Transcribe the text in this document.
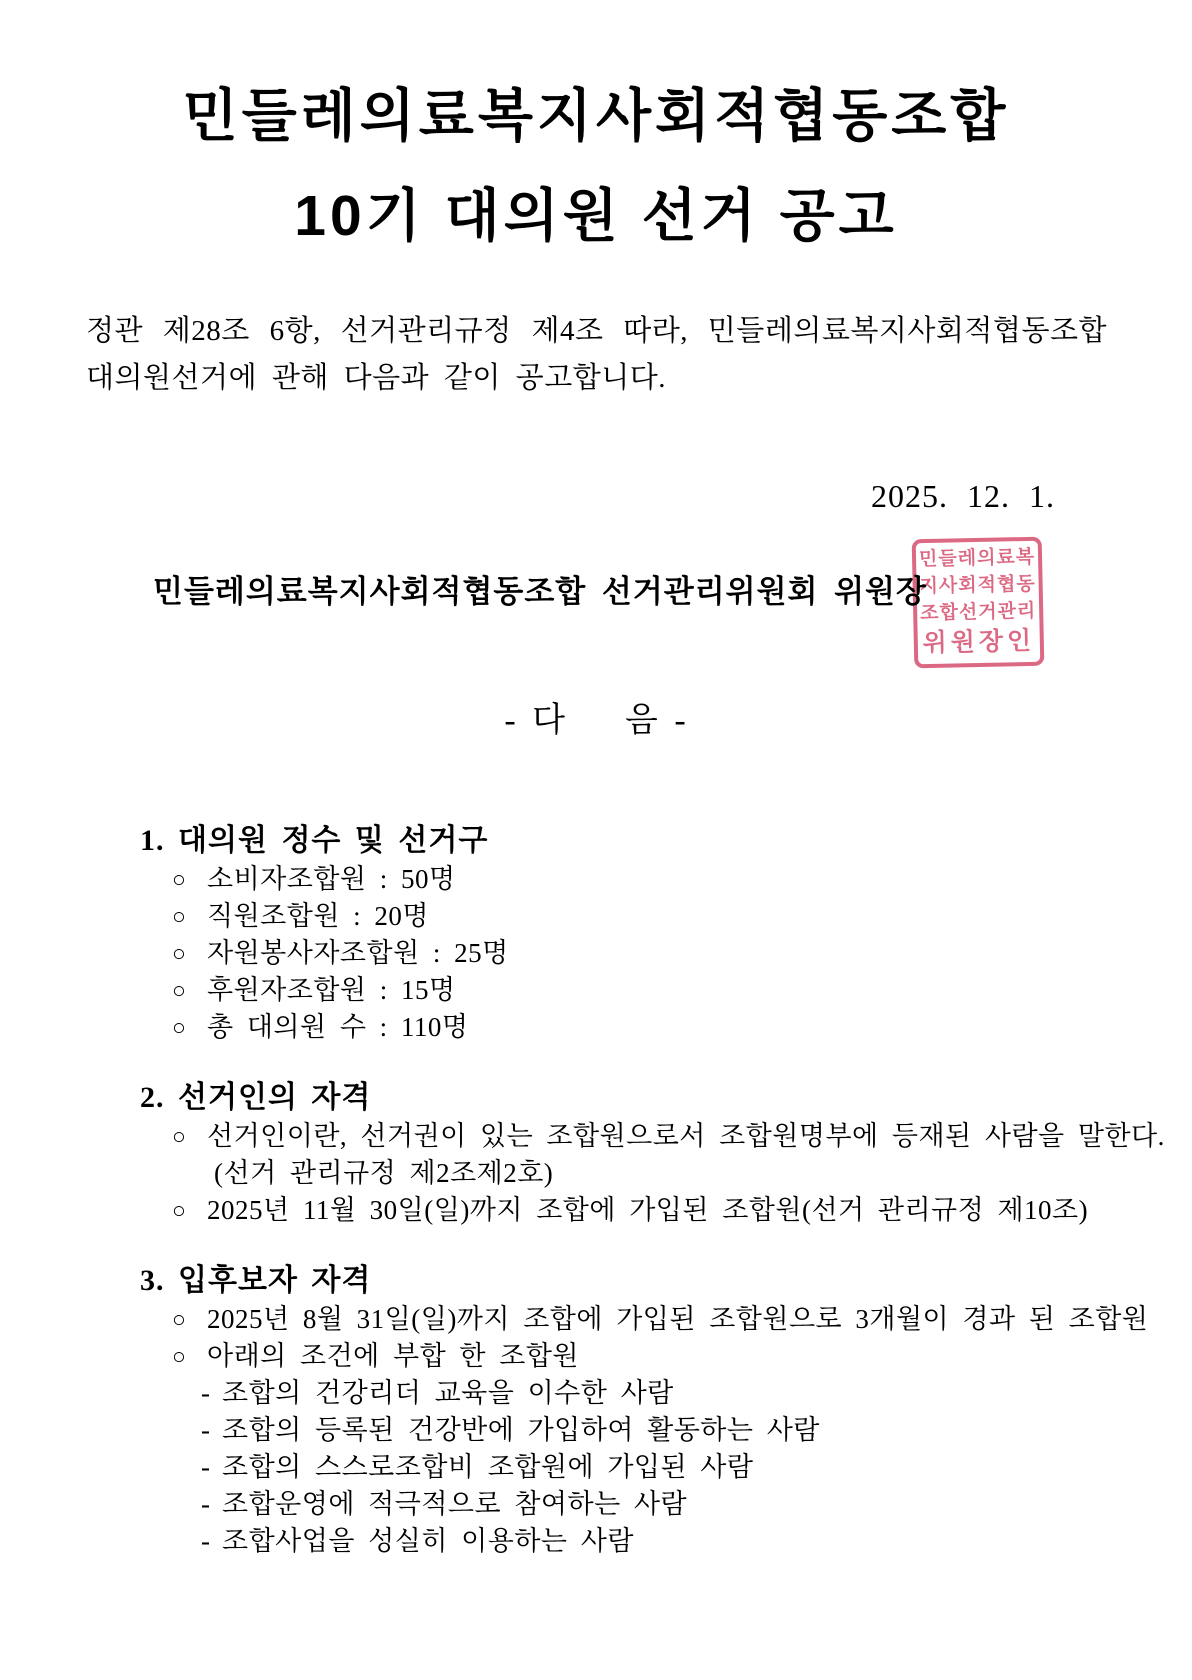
민들레의료복지사회적협동조합
10기 대의원 선거 공고

정관 제28조 6항, 선거관리규정 제4조 따라, 민들레의료복지사회적협동조합 대의원선거에 관해 다음과 같이 공고합니다.

2025. 12. 1.
민들레의료복지사회적협동조합 선거관리위원회 위원장
민들레의료복
지사회적협동
조합선거관리
위원장인
- 다    음 -
1. 대의원 정수 및 선거구
○ 소비자조합원 : 50명
○ 직원조합원 : 20명
○ 자원봉사자조합원 : 25명
○ 후원자조합원 : 15명
○ 총 대의원 수 : 110명
2. 선거인의 자격
○ 선거인이란, 선거권이 있는 조합원으로서 조합원명부에 등재된 사람을 말한다.
(선거 관리규정 제2조제2호)
○ 2025년 11월 30일(일)까지 조합에 가입된 조합원(선거 관리규정 제10조)
3. 입후보자 자격
○ 2025년 8월 31일(일)까지 조합에 가입된 조합원으로 3개월이 경과 된 조합원
○ 아래의 조건에 부합 한 조합원
- 조합의 건강리더 교육을 이수한 사람
- 조합의 등록된 건강반에 가입하여 활동하는 사람
- 조합의 스스로조합비 조합원에 가입된 사람
- 조합운영에 적극적으로 참여하는 사람
- 조합사업을 성실히 이용하는 사람
